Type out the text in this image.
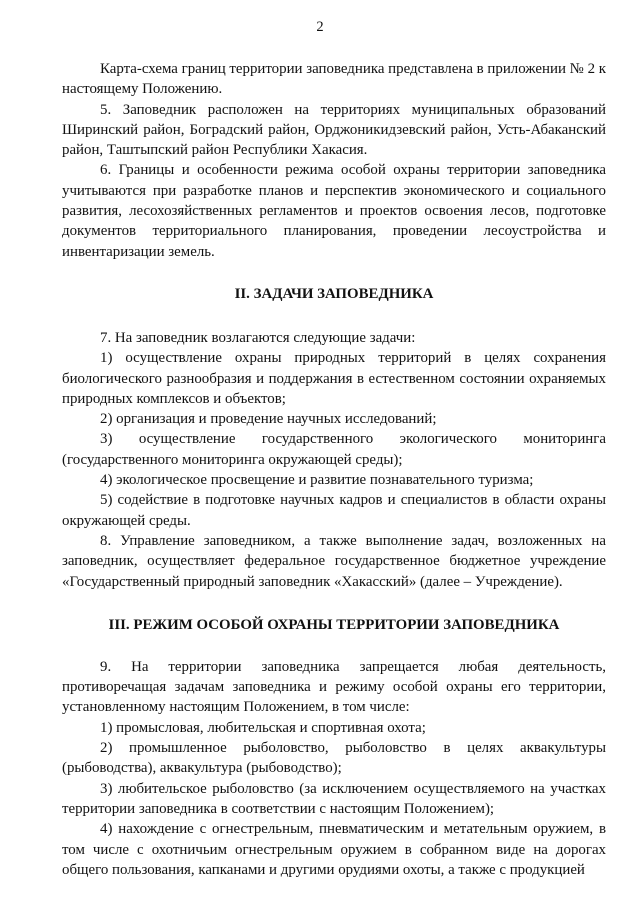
2

Карта-схема границ территории заповедника представлена в приложении № 2 к настоящему Положению.

5. Заповедник расположен на территориях муниципальных образований Ширинский район, Боградский район, Орджоникидзевский район, Усть-Абаканский район, Таштыпский район Республики Хакасия.

6. Границы и особенности режима особой охраны территории заповедника учитываются при разработке планов и перспектив экономического и социального развития, лесохозяйственных регламентов и проектов освоения лесов, подготовке документов территориального планирования, проведении лесоустройства и инвентаризации земель.

II. ЗАДАЧИ ЗАПОВЕДНИКА

7. На заповедник возлагаются следующие задачи:

1) осуществление охраны природных территорий в целях сохранения биологического разнообразия и поддержания в естественном состоянии охраняемых природных комплексов и объектов;

2) организация и проведение научных исследований;

3) осуществление государственного экологического мониторинга (государственного мониторинга окружающей среды);

4) экологическое просвещение и развитие познавательного туризма;

5) содействие в подготовке научных кадров и специалистов в области охраны окружающей среды.

8. Управление заповедником, а также выполнение задач, возложенных на заповедник, осуществляет федеральное государственное бюджетное учреждение «Государственный природный заповедник «Хакасский» (далее – Учреждение).

III. РЕЖИМ ОСОБОЙ ОХРАНЫ ТЕРРИТОРИИ ЗАПОВЕДНИКА

9. На территории заповедника запрещается любая деятельность, противоречащая задачам заповедника и режиму особой охраны его территории, установленному настоящим Положением, в том числе:

1) промысловая, любительская и спортивная охота;

2) промышленное рыболовство, рыболовство в целях аквакультуры (рыбоводства), аквакультура (рыбоводство);

3) любительское рыболовство (за исключением осуществляемого на участках территории заповедника в соответствии с настоящим Положением);

4) нахождение с огнестрельным, пневматическим и метательным оружием, в том числе с охотничьим огнестрельным оружием в собранном виде на дорогах общего пользования, капканами и другими орудиями охоты, а также с продукцией
